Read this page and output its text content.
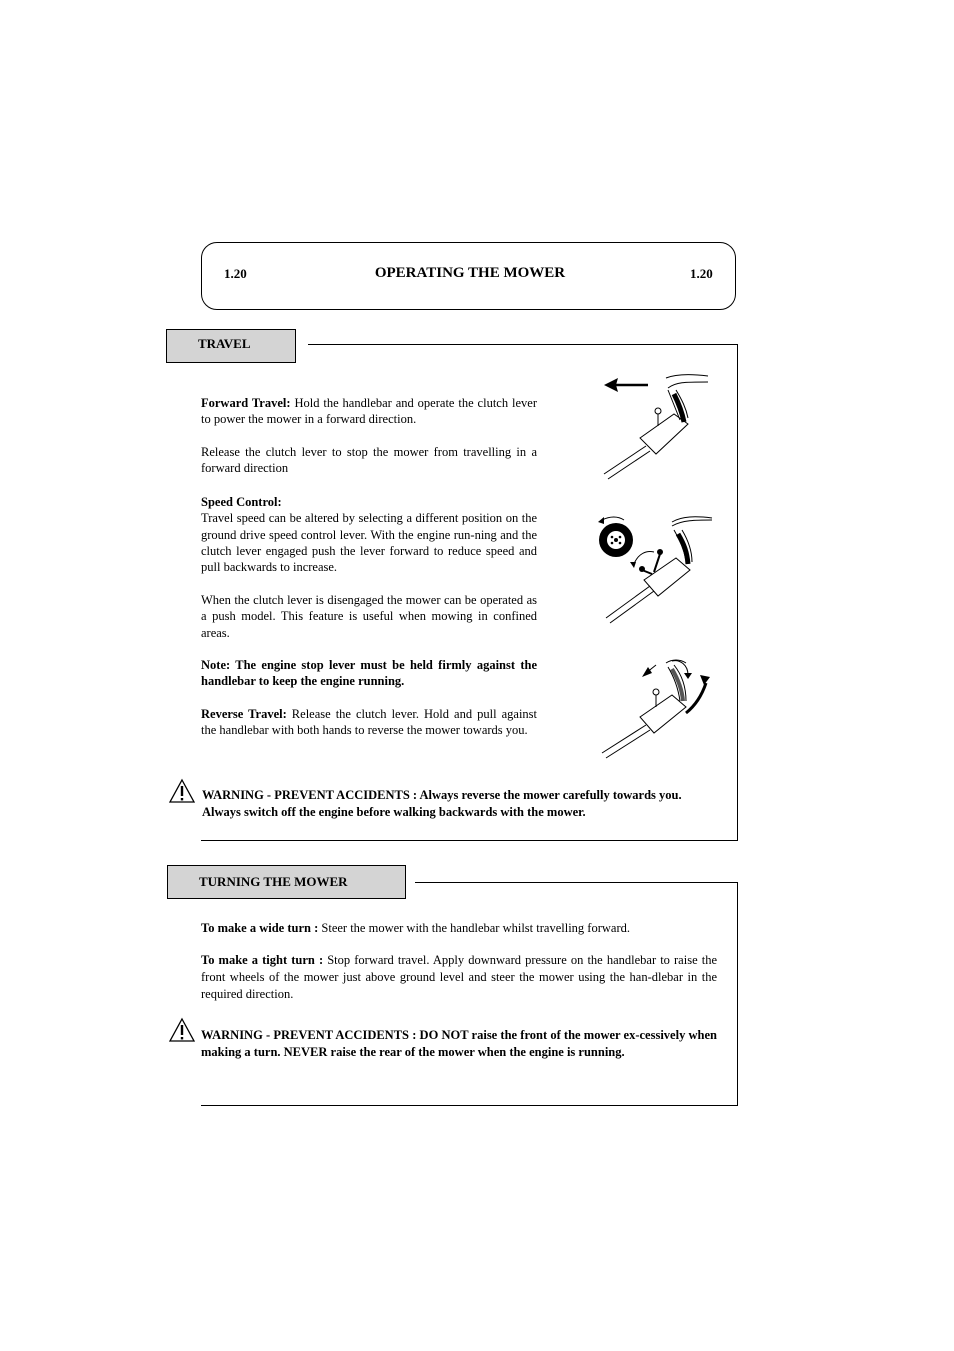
1.20	OPERATING THE MOWER	1.20
TRAVEL
Forward Travel: Hold the handlebar and operate the clutch lever to power the mower in a forward direction.
Release the clutch lever to stop the mower from travelling in a forward direction
Speed Control:
Travel speed can be altered by selecting a different position on the ground drive speed control lever. With the engine run-ning and the clutch lever engaged push the lever forward to reduce speed and pull backwards to increase.
When the clutch lever is disengaged the mower can be operated as a push model. This feature is useful when mowing in confined areas.
Note: The engine stop lever must be held firmly against the handlebar to keep the engine running.
Reverse Travel: Release the clutch lever. Hold and pull against the handlebar with both hands to reverse the mower towards you.
WARNING - PREVENT ACCIDENTS : Always reverse the mower carefully towards you. Always switch off the engine before walking backwards with the mower.
TURNING THE MOWER
To make a wide turn : Steer the mower with the handlebar whilst travelling forward.
To make a tight turn : Stop forward travel. Apply downward pressure on the handlebar to raise the front wheels of the mower just above ground level and steer the mower using the han-dlebar in the required direction.
WARNING - PREVENT ACCIDENTS : DO NOT raise the front of the mower ex-cessively when making a turn. NEVER raise the rear of the mower when the engine is running.
